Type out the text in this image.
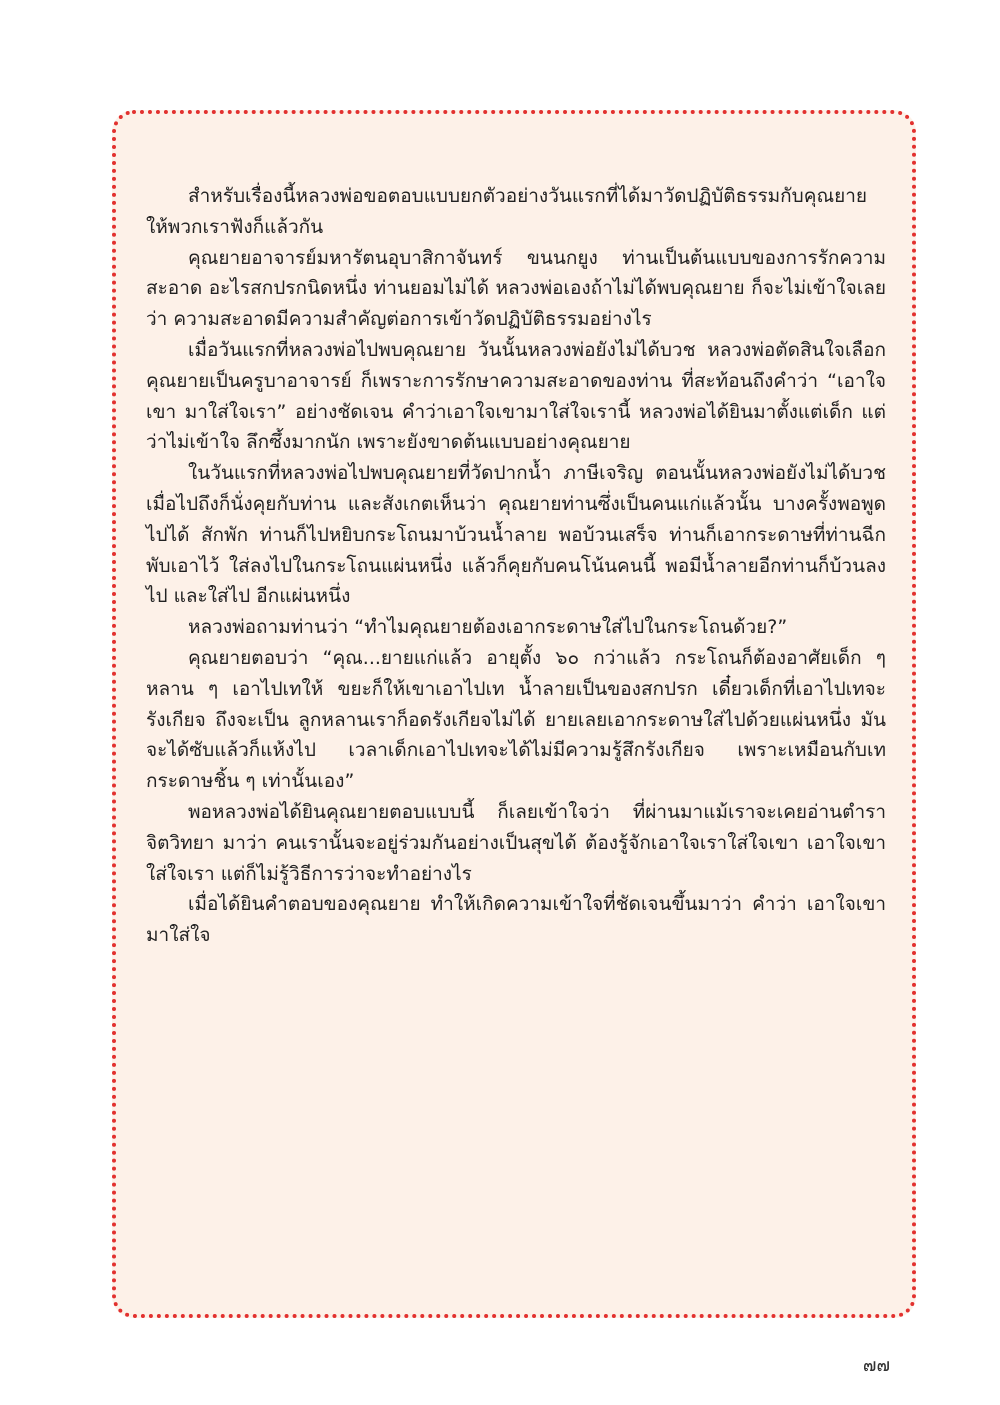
สำหรับเรื่องนี้หลวงพ่อขอตอบแบบยกตัวอย่างวันแรกที่ได้มาวัดปฏิบัติธรรมกับคุณยาย ให้พวกเราฟังก็แล้วกัน

คุณยายอาจารย์มหารัตนอุบาสิกาจันทร์ ขนนกยูง ท่านเป็นต้นแบบของการรักความสะอาด อะไรสกปรกนิดหนึ่ง ท่านยอมไม่ได้ หลวงพ่อเองถ้าไม่ได้พบคุณยาย ก็จะไม่เข้าใจเลยว่า ความสะอาดมีความสำคัญต่อการเข้าวัดปฏิบัติธรรมอย่างไร

เมื่อวันแรกที่หลวงพ่อไปพบคุณยาย วันนั้นหลวงพ่อยังไม่ได้บวช หลวงพ่อตัดสินใจเลือก คุณยายเป็นครูบาอาจารย์ ก็เพราะการรักษาความสะอาดของท่าน ที่สะท้อนถึงคำว่า “เอาใจเขา มาใส่ใจเรา” อย่างชัดเจน คำว่าเอาใจเขามาใส่ใจเรานี้ หลวงพ่อได้ยินมาตั้งแต่เด็ก แต่ว่าไม่เข้าใจ ลึกซึ้งมากนัก เพราะยังขาดต้นแบบอย่างคุณยาย

ในวันแรกที่หลวงพ่อไปพบคุณยายที่วัดปากน้ำ ภาษีเจริญ ตอนนั้นหลวงพ่อยังไม่ได้บวช เมื่อไปถึงก็นั่งคุยกับท่าน และสังเกตเห็นว่า คุณยายท่านซึ่งเป็นคนแก่แล้วนั้น บางครั้งพอพูดไปได้ สักพัก ท่านก็ไปหยิบกระโถนมาบ้วนน้ำลาย พอบ้วนเสร็จ ท่านก็เอากระดาษที่ท่านฉีกพับเอาไว้ ใส่ลงไปในกระโถนแผ่นหนึ่ง แล้วก็คุยกับคนโน้นคนนี้ พอมีน้ำลายอีกท่านก็บ้วนลงไป และใส่ไป อีกแผ่นหนึ่ง

หลวงพ่อถามท่านว่า “ทำไมคุณยายต้องเอากระดาษใส่ไปในกระโถนด้วย?”

คุณยายตอบว่า “คุณ...ยายแก่แล้ว อายุตั้ง ๖๐ กว่าแล้ว กระโถนก็ต้องอาศัยเด็ก ๆ หลาน ๆ เอาไปเทให้ ขยะก็ให้เขาเอาไปเท น้ำลายเป็นของสกปรก เดี๋ยวเด็กที่เอาไปเทจะรังเกียจ ถึงจะเป็น ลูกหลานเราก็อดรังเกียจไม่ได้ ยายเลยเอากระดาษใส่ไปด้วยแผ่นหนึ่ง มันจะได้ซับแล้วก็แห้งไป เวลาเด็กเอาไปเทจะได้ไม่มีความรู้สึกรังเกียจ เพราะเหมือนกับเทกระดาษชิ้น ๆ เท่านั้นเอง”

พอหลวงพ่อได้ยินคุณยายตอบแบบนี้ ก็เลยเข้าใจว่า ที่ผ่านมาแม้เราจะเคยอ่านตำราจิตวิทยา มาว่า คนเรานั้นจะอยู่ร่วมกันอย่างเป็นสุขได้ ต้องรู้จักเอาใจเราใส่ใจเขา เอาใจเขาใส่ใจเรา แต่ก็ไม่รู้วิธีการว่าจะทำอย่างไร

เมื่อได้ยินคำตอบของคุณยาย ทำให้เกิดความเข้าใจที่ชัดเจนขึ้นมาว่า คำว่า เอาใจเขามาใส่ใจ

๗๗
